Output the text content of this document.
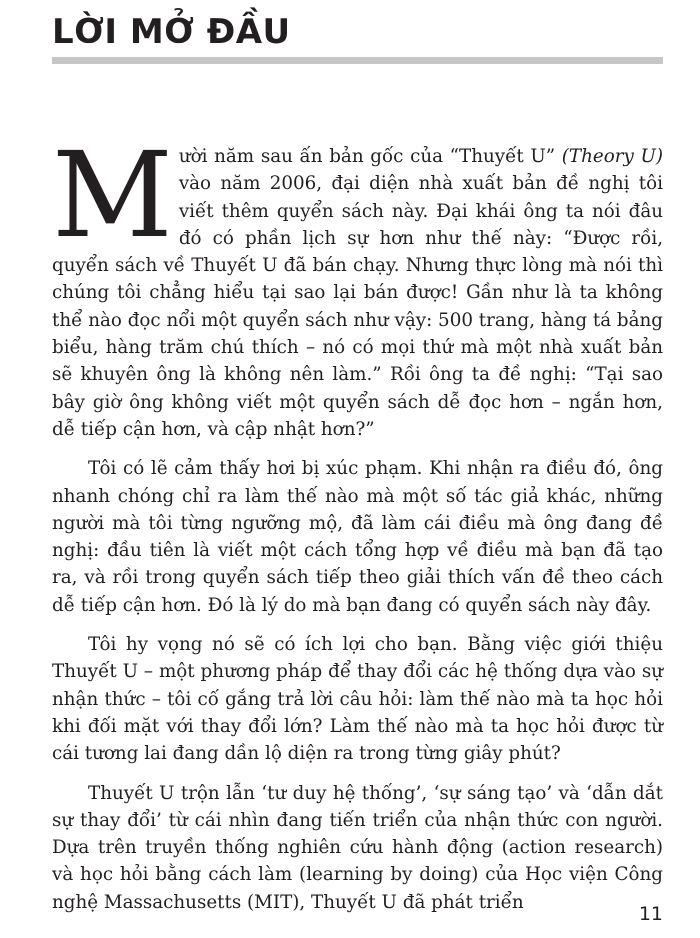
LỜI MỞ ĐẦU

Mười năm sau ấn bản gốc của “Thuyết U” (Theory U) vào năm 2006, đại diện nhà xuất bản đề nghị tôi viết thêm quyển sách này. Đại khái ông ta nói đâu đó có phần lịch sự hơn như thế này: “Được rồi, quyển sách về Thuyết U đã bán chạy. Nhưng thực lòng mà nói thì chúng tôi chẳng hiểu tại sao lại bán được! Gần như là ta không thể nào đọc nổi một quyển sách như vậy: 500 trang, hàng tá bảng biểu, hàng trăm chú thích – nó có mọi thứ mà một nhà xuất bản sẽ khuyên ông là không nên làm.” Rồi ông ta đề nghị: “Tại sao bây giờ ông không viết một quyển sách dễ đọc hơn – ngắn hơn, dễ tiếp cận hơn, và cập nhật hơn?”

Tôi có lẽ cảm thấy hơi bị xúc phạm. Khi nhận ra điều đó, ông nhanh chóng chỉ ra làm thế nào mà một số tác giả khác, những người mà tôi từng ngưỡng mộ, đã làm cái điều mà ông đang đề nghị: đầu tiên là viết một cách tổng hợp về điều mà bạn đã tạo ra, và rồi trong quyển sách tiếp theo giải thích vấn đề theo cách dễ tiếp cận hơn. Đó là lý do mà bạn đang có quyển sách này đây.

Tôi hy vọng nó sẽ có ích lợi cho bạn. Bằng việc giới thiệu Thuyết U – một phương pháp để thay đổi các hệ thống dựa vào sự nhận thức – tôi cố gắng trả lời câu hỏi: làm thế nào mà ta học hỏi khi đối mặt với thay đổi lớn? Làm thế nào mà ta học hỏi được từ cái tương lai đang dần lộ diện ra trong từng giây phút?

Thuyết U trộn lẫn ‘tư duy hệ thống’, ‘sự sáng tạo’ và ‘dẫn dắt sự thay đổi’ từ cái nhìn đang tiến triển của nhận thức con người. Dựa trên truyền thống nghiên cứu hành động (action research) và học hỏi bằng cách làm (learning by doing) của Học viện Công nghệ Massachusetts (MIT), Thuyết U đã phát triển

11
